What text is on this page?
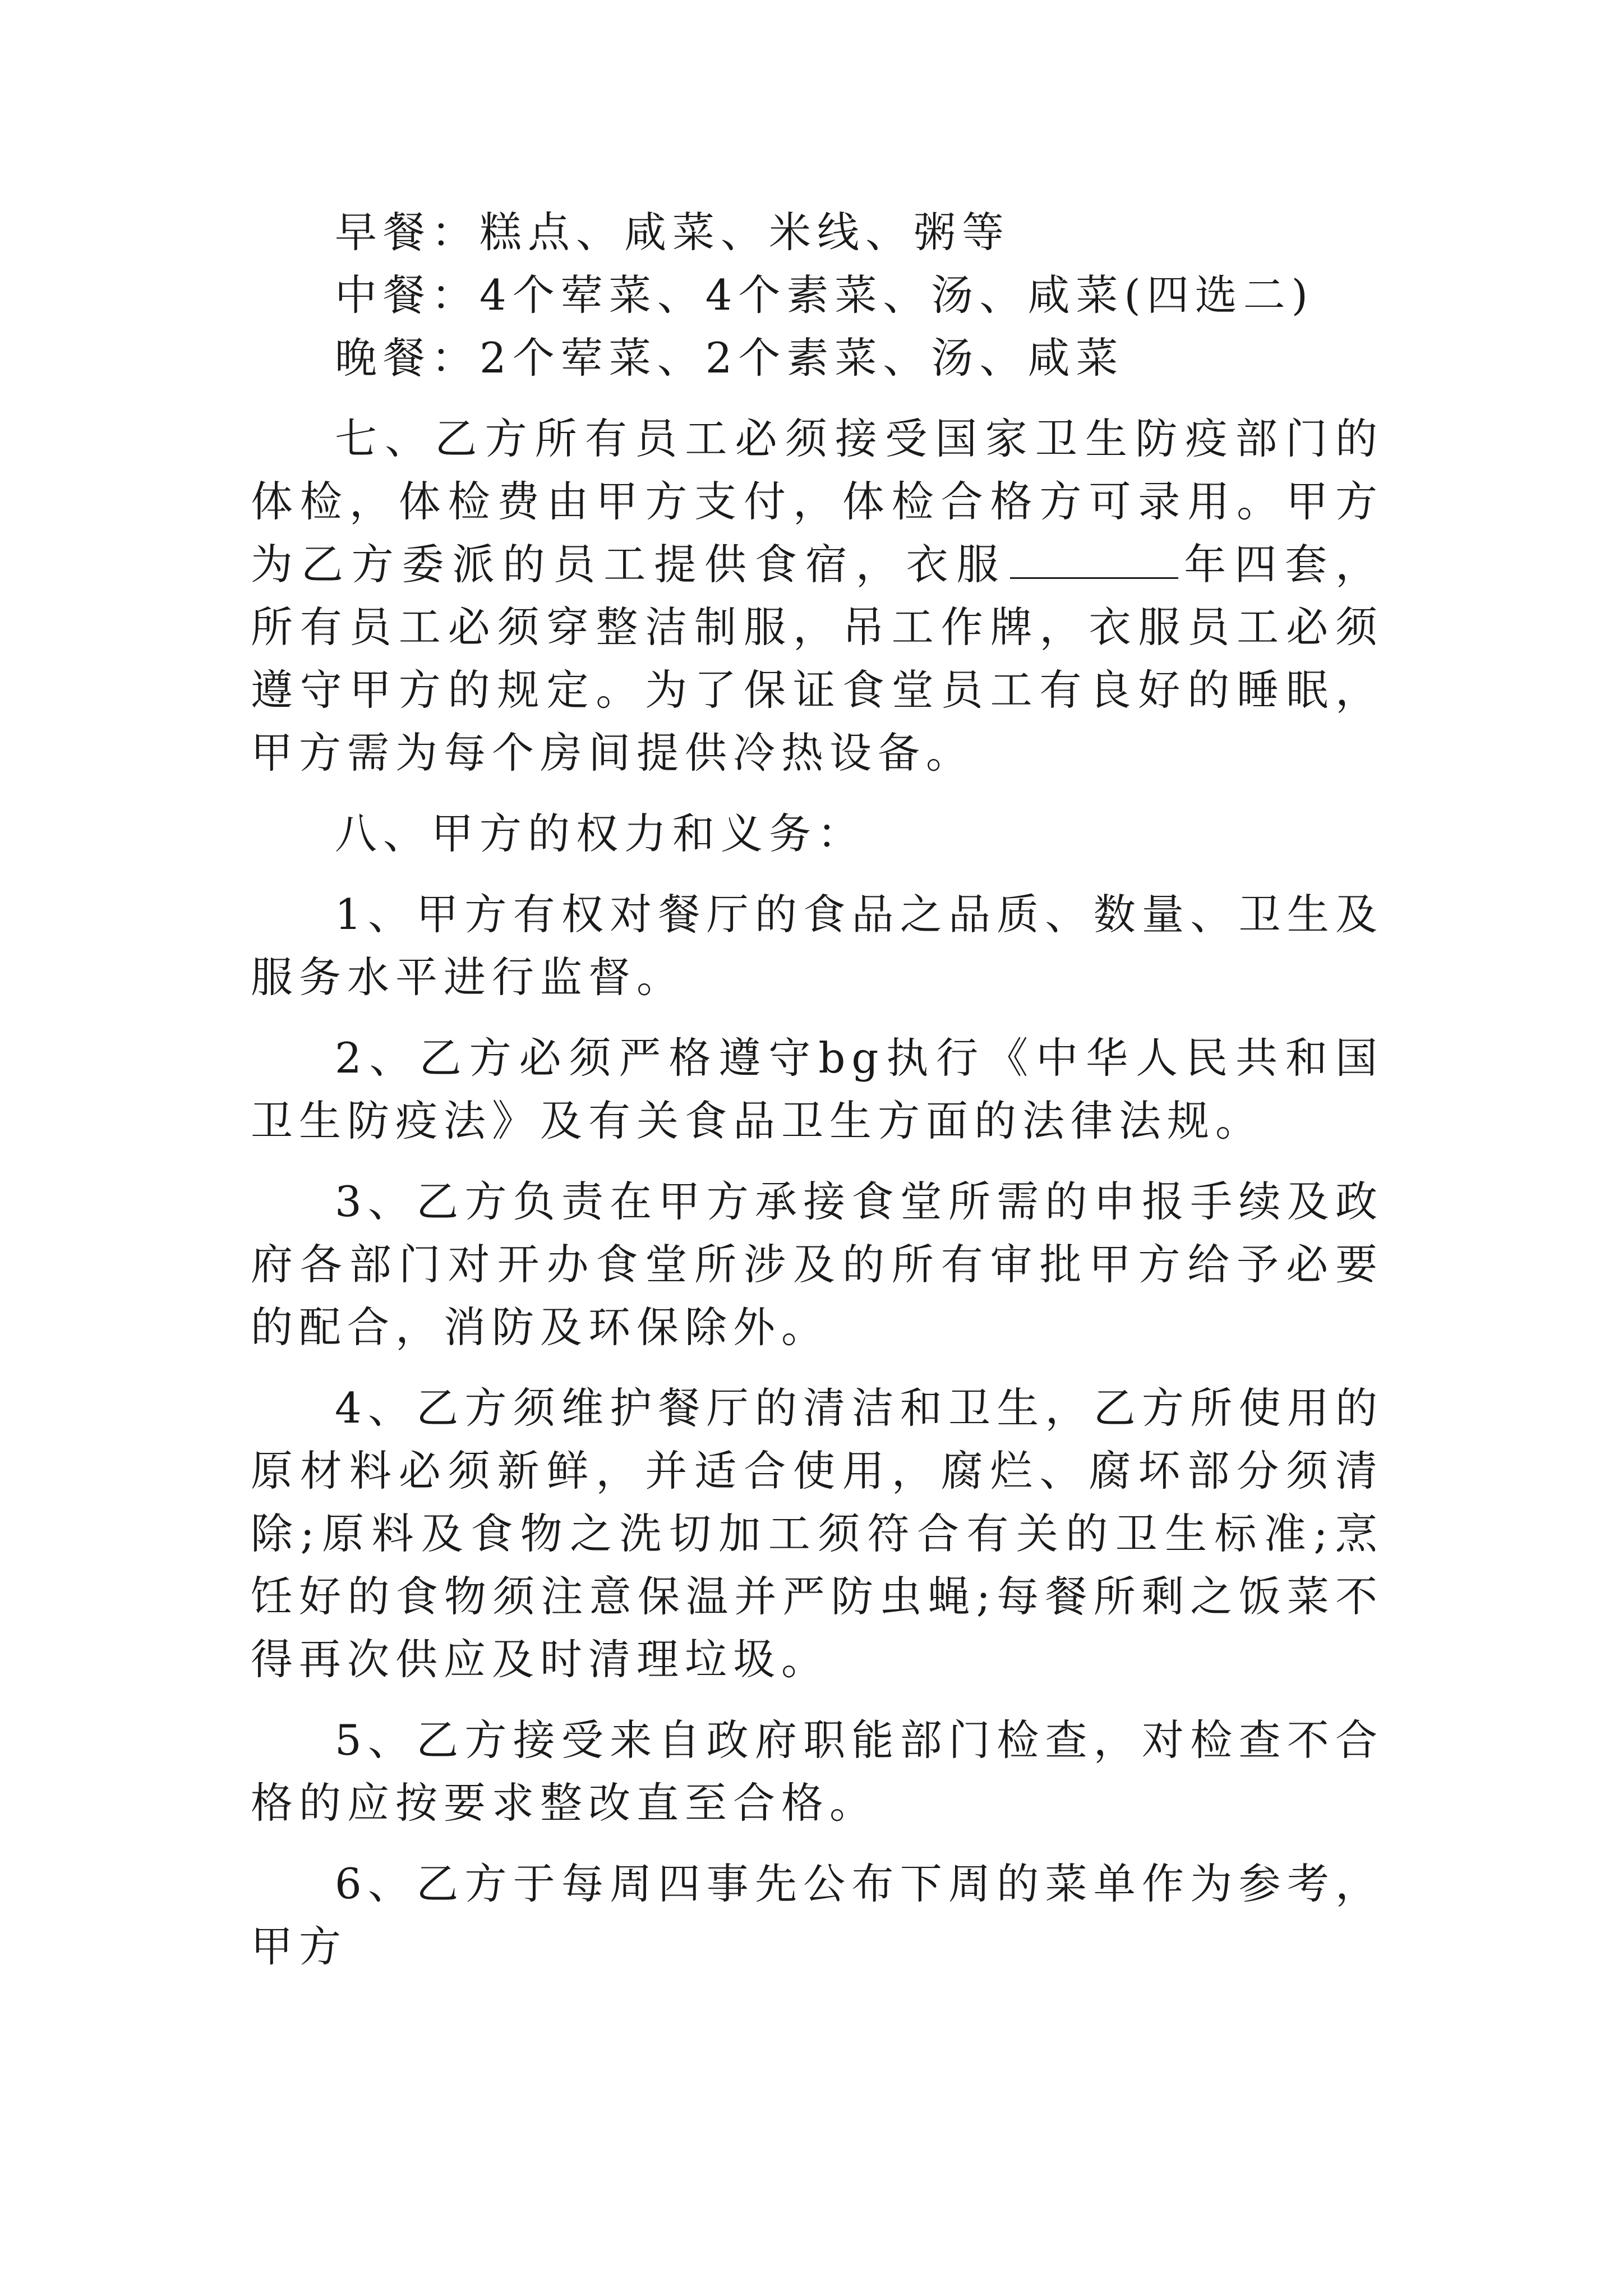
早餐：糕点、咸菜、米线、粥等

中餐：4个荤菜、4个素菜、汤、咸菜(四选二)

晚餐：2个荤菜、2个素菜、汤、咸菜

七、乙方所有员工必须接受国家卫生防疫部门的体检，体检费由甲方支付，体检合格方可录用。甲方为乙方委派的员工提供食宿，衣服	年四套，所有员工必须穿整洁制服，吊工作牌，衣服员工必须遵守甲方的规定。为了保证食堂员工有良好的睡眠，甲方需为每个房间提供冷热设备。

八、甲方的权力和义务：

1、甲方有权对餐厅的食品之品质、数量、卫生及服务水平进行监督。

2、乙方必须严格遵守bg执行《中华人民共和国卫生防疫法》及有关食品卫生方面的法律法规。

3、乙方负责在甲方承接食堂所需的申报手续及政府各部门对开办食堂所涉及的所有审批甲方给予必要的配合，消防及环保除外。

4、乙方须维护餐厅的清洁和卫生，乙方所使用的原材料必须新鲜，并适合使用，腐烂、腐坏部分须清除;原料及食物之洗切加工须符合有关的卫生标准;烹饪好的食物须注意保温并严防虫蝇;每餐所剩之饭菜不得再次供应及时清理垃圾。

5、乙方接受来自政府职能部门检查，对检查不合格的应按要求整改直至合格。

6、乙方于每周四事先公布下周的菜单作为参考，甲方
